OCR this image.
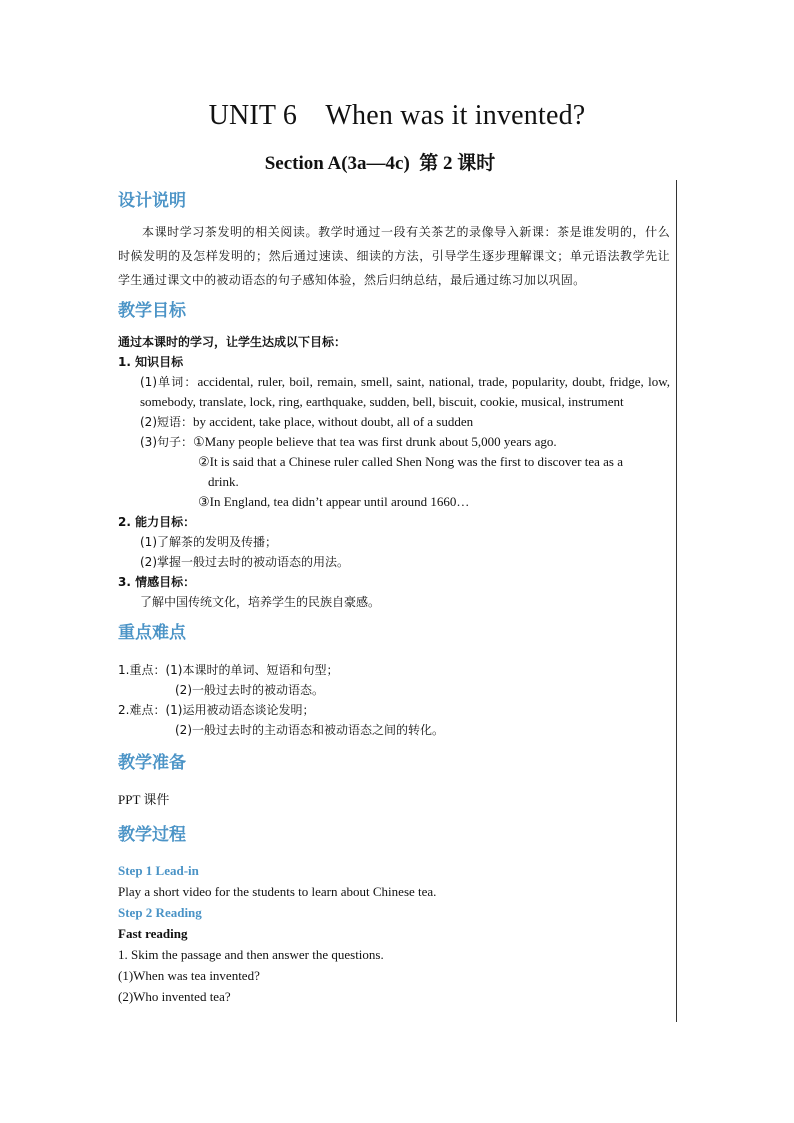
UNIT 6    When was it invented?
Section A(3a—4c)  第 2 课时
设计说明

本课时学习茶发明的相关阅读。教学时通过一段有关茶艺的录像导入新课：茶是谁发明的，什么时候发明的及怎样发明的；然后通过速读、细读的方法，引导学生逐步理解课文；单元语法教学先让学生通过课文中的被动语态的句子感知体验，然后归纳总结，最后通过练习加以巩固。

教学目标

通过本课时的学习，让学生达成以下目标：

1. 知识目标

(1)单词：accidental, ruler, boil, remain, smell, saint, national, trade, popularity, doubt, fridge, low, somebody, translate, lock, ring, earthquake, sudden, bell, biscuit, cookie, musical, instrument

(2)短语：by accident, take place, without doubt, all of a sudden

(3)句子：①Many people believe that tea was first drunk about 5,000 years ago.

②It is said that a Chinese ruler called Shen Nong was the first to discover tea as a

drink.

③In England, tea didn’t appear until around 1660…

2. 能力目标：

(1)了解茶的发明及传播；

(2)掌握一般过去时的被动语态的用法。

3. 情感目标：

了解中国传统文化，培养学生的民族自豪感。

重点难点

1.重点：(1)本课时的单词、短语和句型；

(2)一般过去时的被动语态。

2.难点：(1)运用被动语态谈论发明；

(2)一般过去时的主动语态和被动语态之间的转化。

教学准备

PPT 课件

教学过程

Step 1 Lead-in

Play a short video for the students to learn about Chinese tea.

Step 2 Reading

Fast reading

1. Skim the passage and then answer the questions.

(1)When was tea invented?

(2)Who invented tea?
